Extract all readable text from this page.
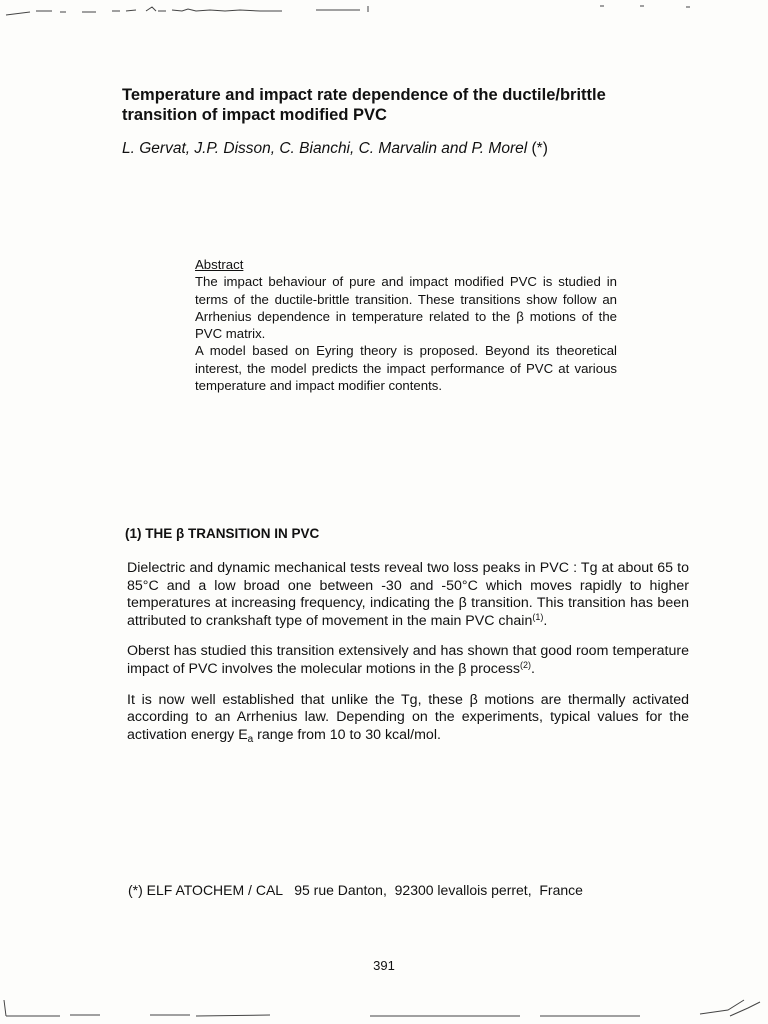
Temperature and impact rate dependence of the ductile/brittle transition of impact modified PVC

L. Gervat, J.P. Disson, C. Bianchi, C. Marvalin and P. Morel (*)

Abstract

The impact behaviour of pure and impact modified PVC is studied in terms of the ductile-brittle transition. These transitions show follow an Arrhenius dependence in temperature related to the β motions of the PVC matrix.

A model based on Eyring theory is proposed. Beyond its theoretical interest, the model predicts the impact performance of PVC at various temperature and impact modifier contents.

(1) THE β TRANSITION IN PVC

Dielectric and dynamic mechanical tests reveal two loss peaks in PVC : Tg at about 65 to 85°C and a low broad one between -30 and -50°C which moves rapidly to higher temperatures at increasing frequency, indicating the β transition. This transition has been attributed to crankshaft type of movement in the main PVC chain$^{(1)}$.

Oberst has studied this transition extensively and has shown that good room temperature impact of PVC involves the molecular motions in the β process$^{(2)}$.

It is now well established that unlike the Tg, these β motions are thermally activated according to an Arrhenius law. Depending on the experiments, typical values for the activation energy $E_a$ range from 10 to 30 kcal/mol.

(*) ELF ATOCHEM / CAL   95 rue Danton,  92300 levallois perret,  France
391
